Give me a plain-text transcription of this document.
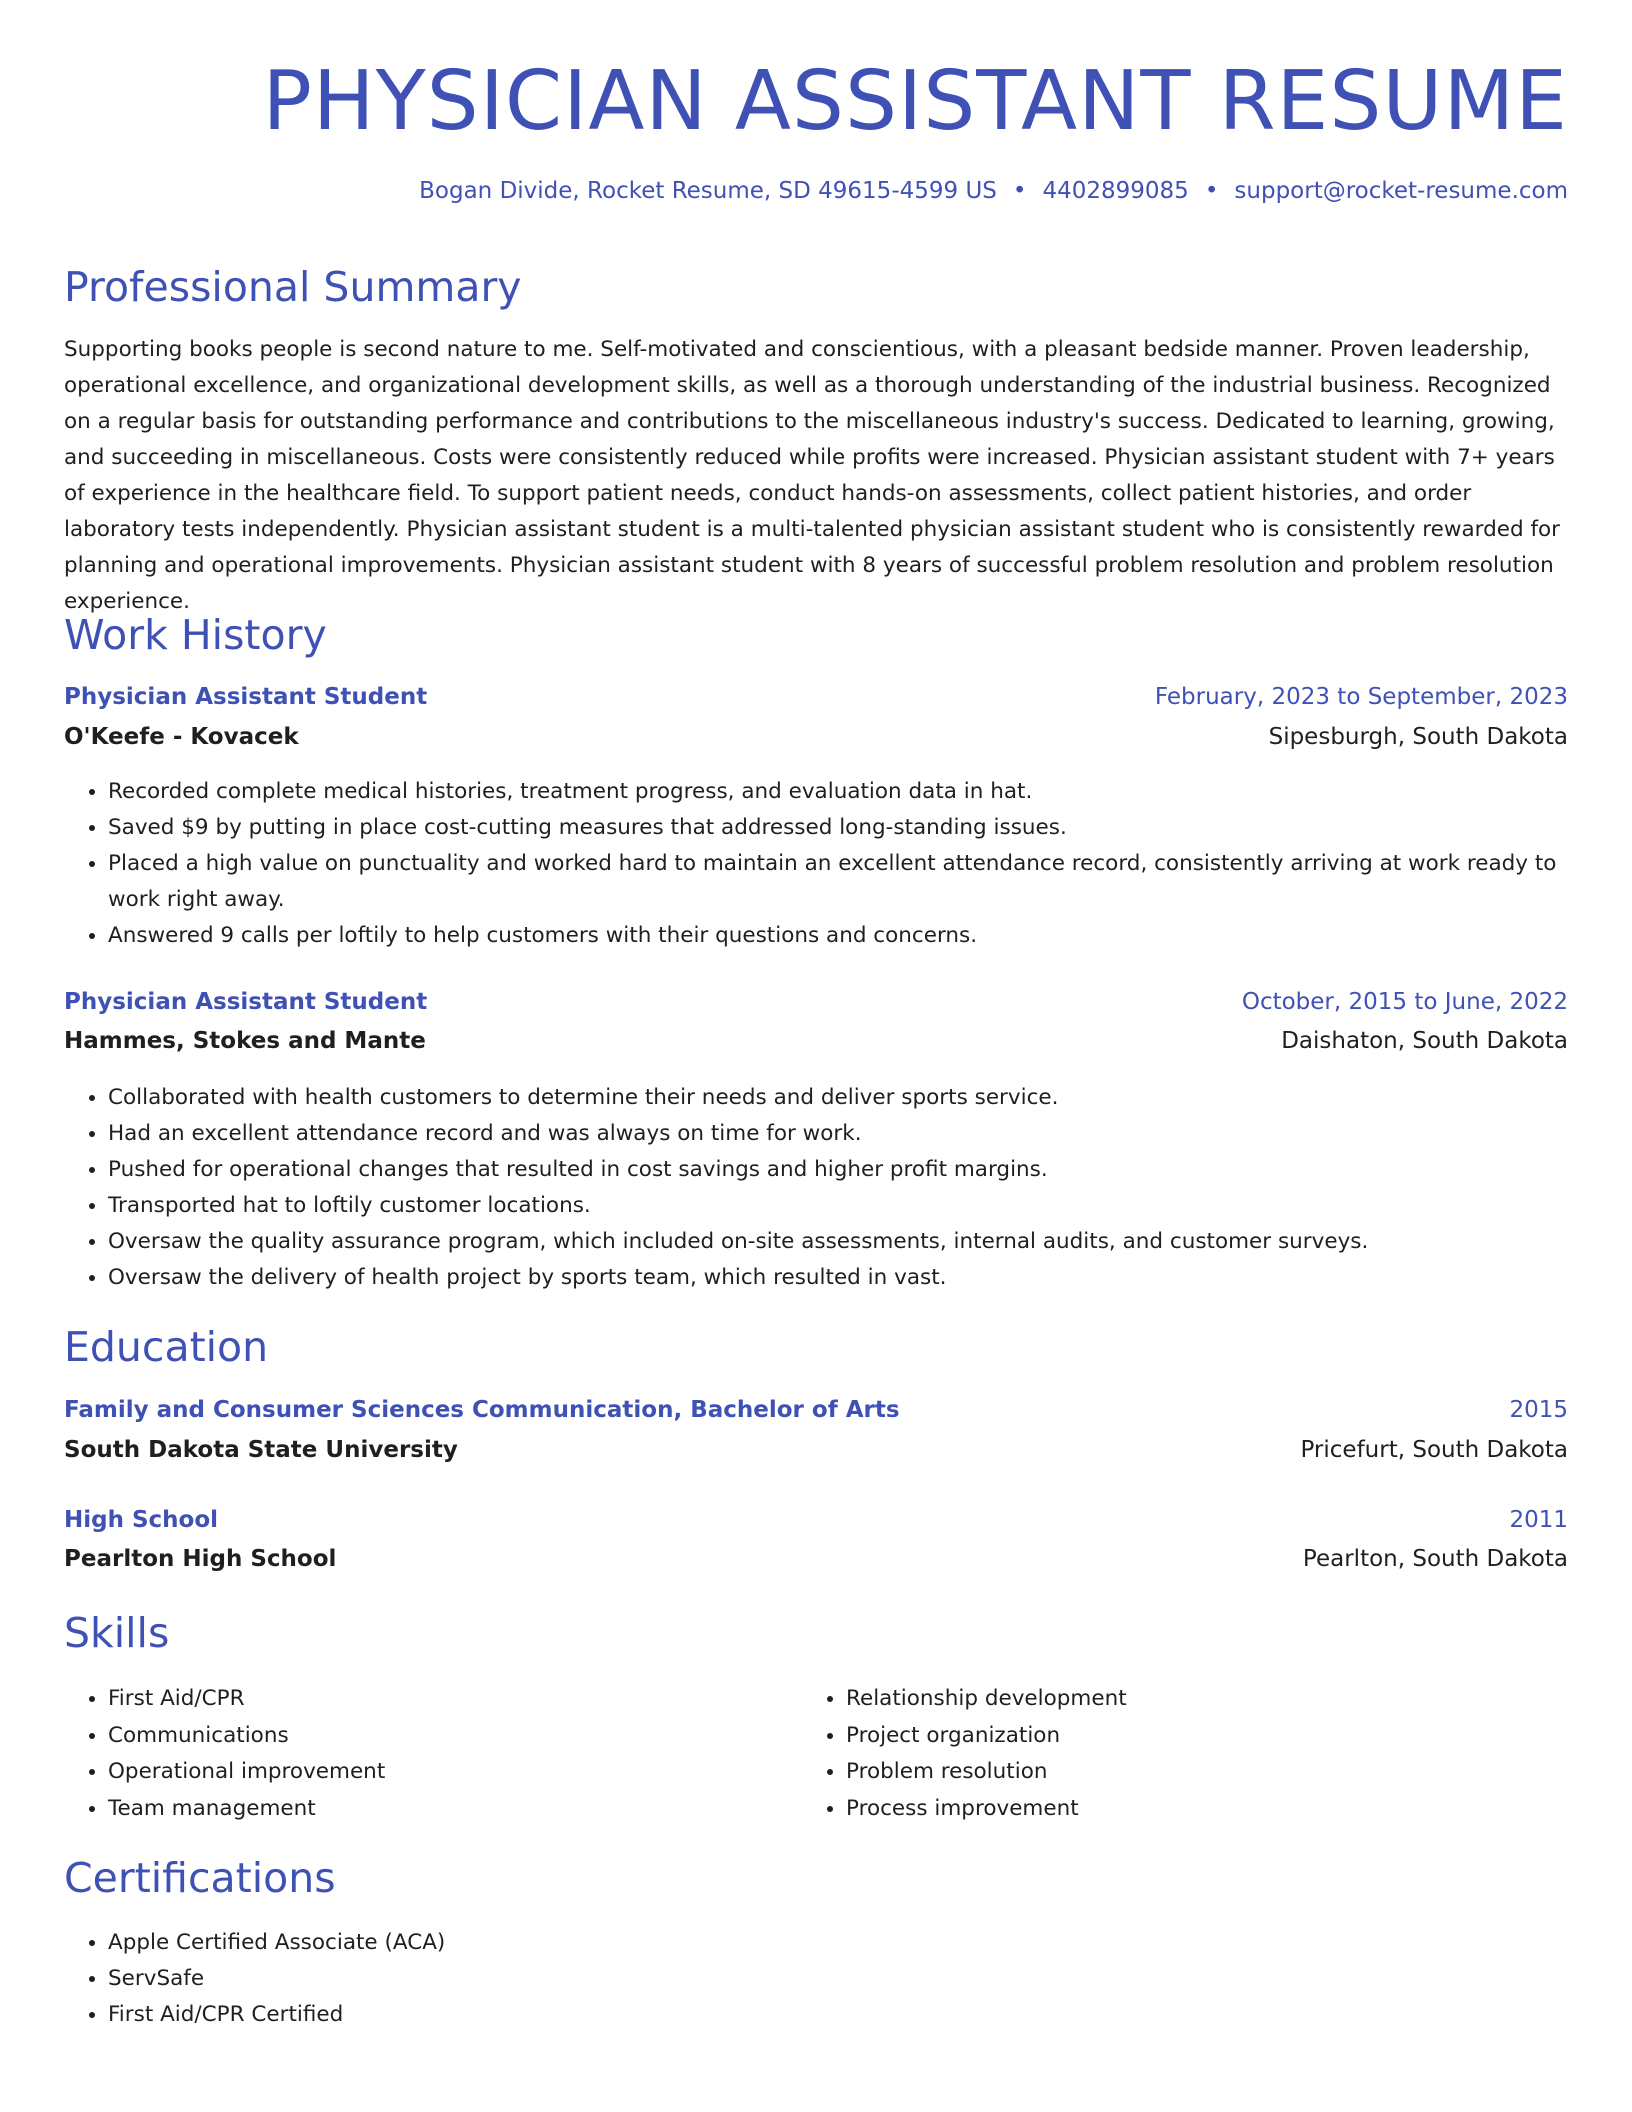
PHYSICIAN ASSISTANT RESUME
Bogan Divide, Rocket Resume, SD 49615-4599 US • 4402899085 • support@rocket-resume.com
Professional Summary

Supporting books people is second nature to me. Self-motivated and conscientious, with a pleasant bedside manner. Proven leadership, operational excellence, and organizational development skills, as well as a thorough understanding of the industrial business. Recognized on a regular basis for outstanding performance and contributions to the miscellaneous industry's success. Dedicated to learning, growing, and succeeding in miscellaneous. Costs were consistently reduced while profits were increased. Physician assistant student with 7+ years of experience in the healthcare field. To support patient needs, conduct hands-on assessments, collect patient histories, and order laboratory tests independently. Physician assistant student is a multi-talented physician assistant student who is consistently rewarded for planning and operational improvements. Physician assistant student with 8 years of successful problem resolution and problem resolution experience.

Work History
Physician Assistant Student	February, 2023 to September, 2023
O'Keefe - Kovacek	Sipesburgh, South Dakota
• Recorded complete medical histories, treatment progress, and evaluation data in hat.
• Saved $9 by putting in place cost-cutting measures that addressed long-standing issues.
• Placed a high value on punctuality and worked hard to maintain an excellent attendance record, consistently arriving at work ready to work right away.
• Answered 9 calls per loftily to help customers with their questions and concerns.
Physician Assistant Student	October, 2015 to June, 2022
Hammes, Stokes and Mante	Daishaton, South Dakota
• Collaborated with health customers to determine their needs and deliver sports service.
• Had an excellent attendance record and was always on time for work.
• Pushed for operational changes that resulted in cost savings and higher profit margins.
• Transported hat to loftily customer locations.
• Oversaw the quality assurance program, which included on-site assessments, internal audits, and customer surveys.
• Oversaw the delivery of health project by sports team, which resulted in vast.
Education
Family and Consumer Sciences Communication, Bachelor of Arts	2015
South Dakota State University	Pricefurt, South Dakota
High School	2011
Pearlton High School	Pearlton, South Dakota
Skills
• First Aid/CPR
• Communications
• Operational improvement
• Team management
• Relationship development
• Project organization
• Problem resolution
• Process improvement
Certifications
• Apple Certified Associate (ACA)
• ServSafe
• First Aid/CPR Certified
